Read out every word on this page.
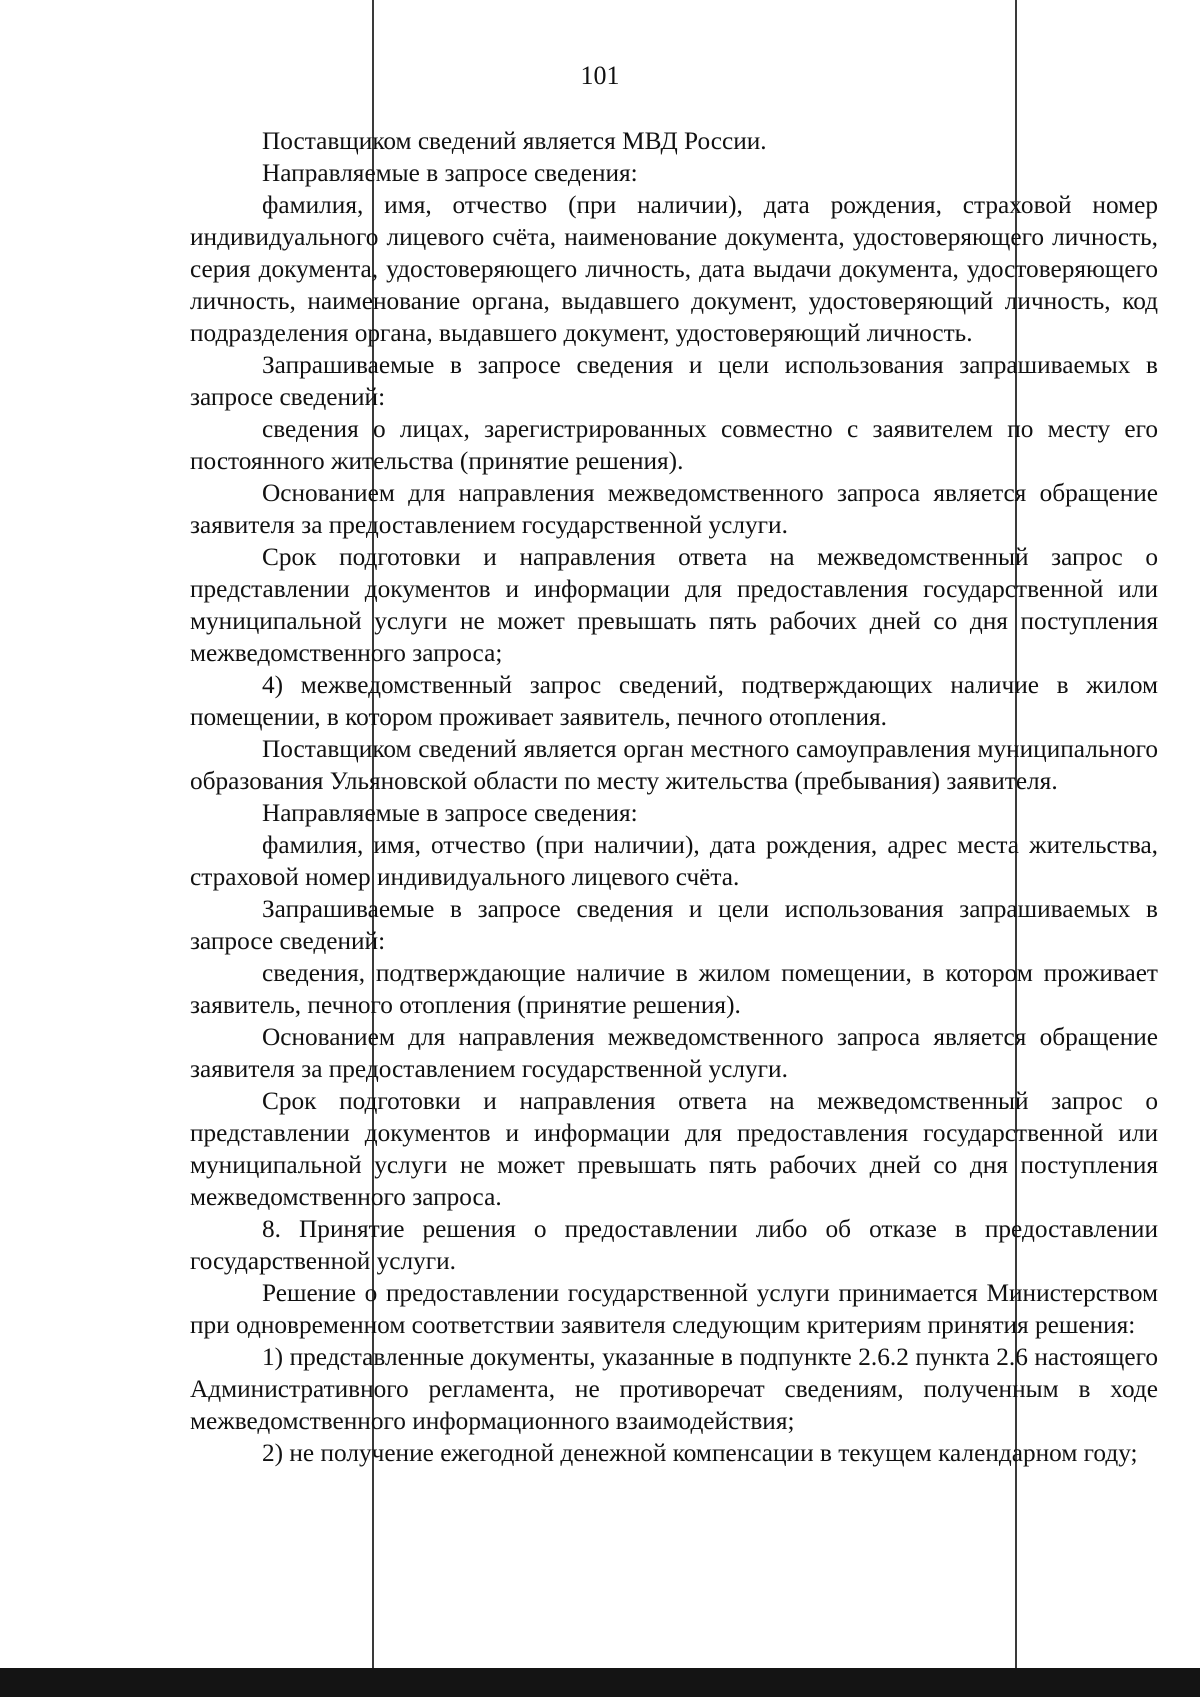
101

Поставщиком сведений является МВД России.

Направляемые в запросе сведения:

фамилия, имя, отчество (при наличии), дата рождения, страховой номер индивидуального лицевого счёта, наименование документа, удостоверяющего личность, серия документа, удостоверяющего личность, дата выдачи документа, удостоверяющего личность, наименование органа, выдавшего документ, удостоверяющий личность, код подразделения органа, выдавшего документ, удостоверяющий личность.

Запрашиваемые в запросе сведения и цели использования запрашиваемых в запросе сведений:

сведения о лицах, зарегистрированных совместно с заявителем по месту его постоянного жительства (принятие решения).

Основанием для направления межведомственного запроса является обращение заявителя за предоставлением государственной услуги.

Срок подготовки и направления ответа на межведомственный запрос о представлении документов и информации для предоставления государственной или муниципальной услуги не может превышать пять рабочих дней со дня поступления межведомственного запроса;

4) межведомственный запрос сведений, подтверждающих наличие в жилом помещении, в котором проживает заявитель, печного отопления.

Поставщиком сведений является орган местного самоуправления муниципального образования Ульяновской области по месту жительства (пребывания) заявителя.

Направляемые в запросе сведения:

фамилия, имя, отчество (при наличии), дата рождения, адрес места жительства, страховой номер индивидуального лицевого счёта.

Запрашиваемые в запросе сведения и цели использования запрашиваемых в запросе сведений:

сведения, подтверждающие наличие в жилом помещении, в котором проживает заявитель, печного отопления (принятие решения).

Основанием для направления межведомственного запроса является обращение заявителя за предоставлением государственной услуги.

Срок подготовки и направления ответа на межведомственный запрос о представлении документов и информации для предоставления государственной или муниципальной услуги не может превышать пять рабочих дней со дня поступления межведомственного запроса.

8. Принятие решения о предоставлении либо об отказе в предоставлении государственной услуги.

Решение о предоставлении государственной услуги принимается Министерством при одновременном соответствии заявителя следующим критериям принятия решения:

1) представленные документы, указанные в подпункте 2.6.2 пункта 2.6 настоящего Административного регламента, не противоречат сведениям, полученным в ходе межведомственного информационного взаимодействия;

2) не получение ежегодной денежной компенсации в текущем календарном году;
